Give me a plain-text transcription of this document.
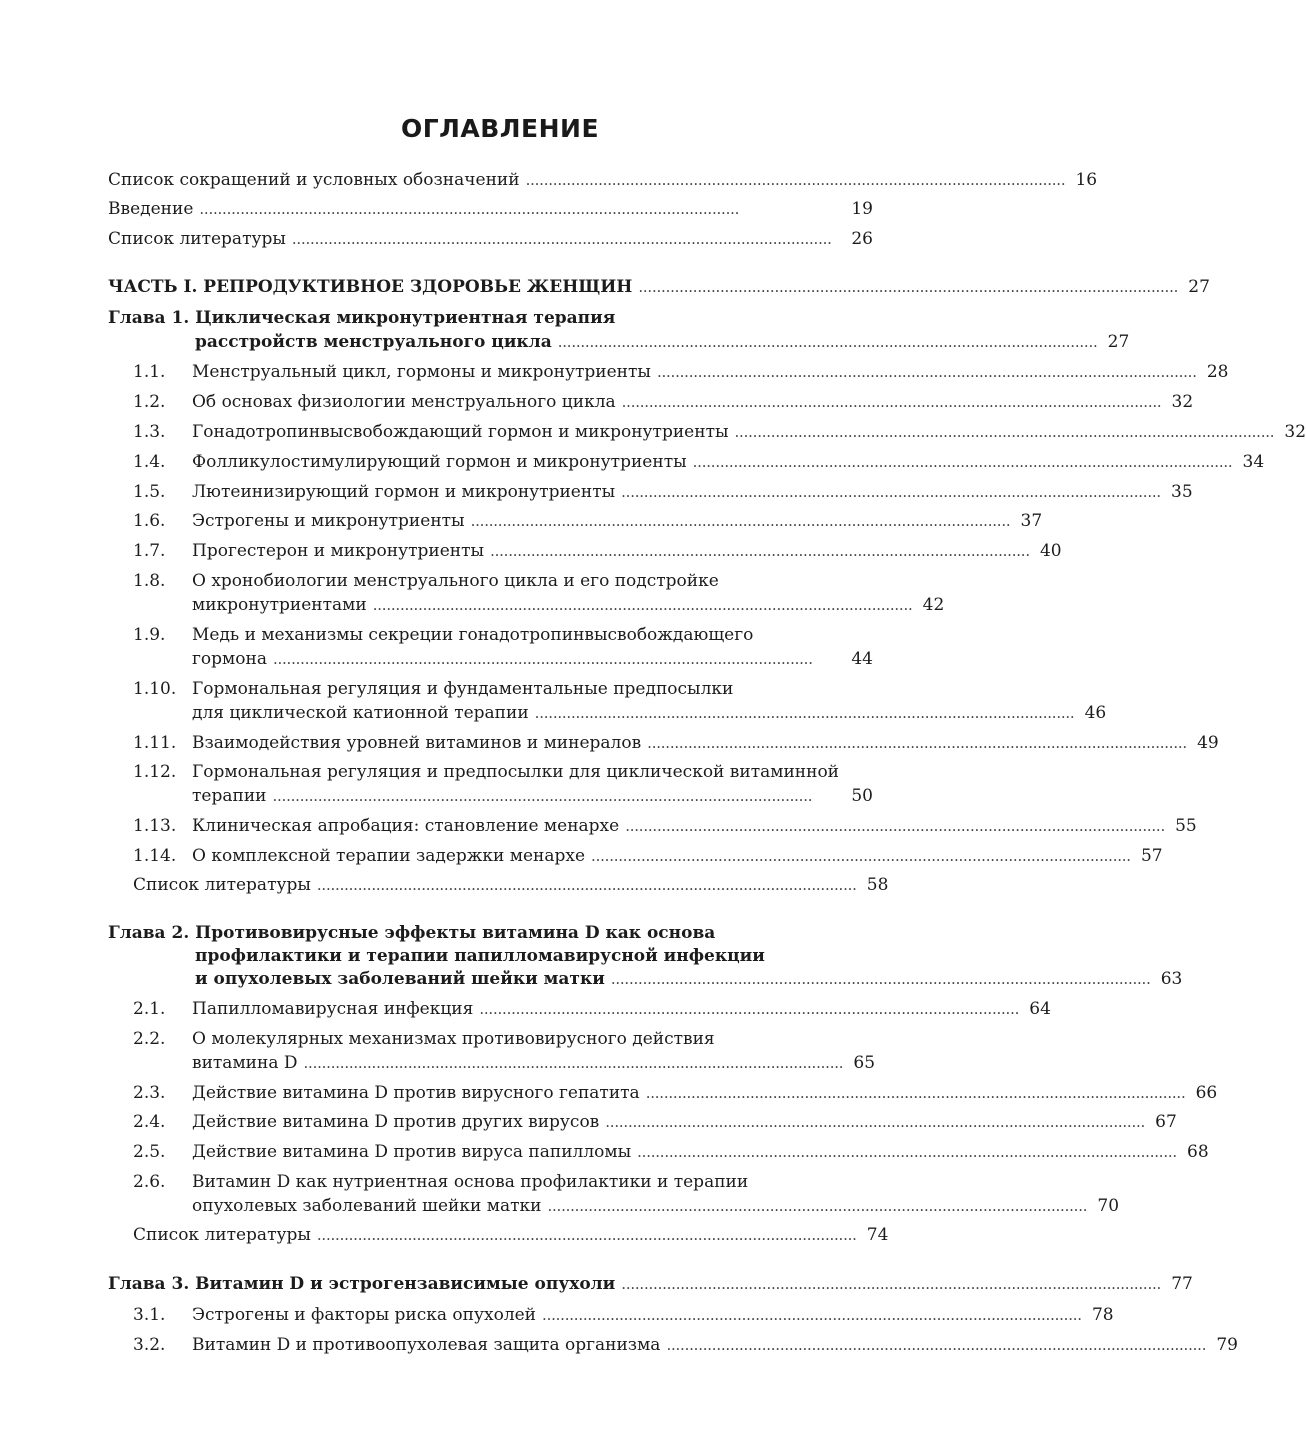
ОГЛАВЛЕНИЕ
Список сокращений и условных обозначений . . .	16
Введение . . .	19
Список литературы . . .	26
ЧАСТЬ I. РЕПРОДУКТИВНОЕ ЗДОРОВЬЕ ЖЕНЩИН . . .	27
Глава 1. Циклическая микронутриентная терапия
расстройств менструального цикла . . .	27
1.1. Менструальный цикл, гормоны и микронутриенты . . .	28
1.2. Об основах физиологии менструального цикла . . .	32
1.3. Гонадотропинвысвобождающий гормон и микронутриенты . . .	32
1.4. Фолликулостимулирующий гормон и микронутриенты . . .	34
1.5. Лютеинизирующий гормон и микронутриенты . . .	35
1.6. Эстрогены и микронутриенты . . .	37
1.7. Прогестерон и микронутриенты . . .	40
1.8. О хронобиологии менструального цикла и его подстройке
микронутриентами . . .	42
1.9. Медь и механизмы секреции гонадотропинвысвобождающего
гормона . . .	44
1.10. Гормональная регуляция и фундаментальные предпосылки
для циклической катионной терапии . . .	46
1.11. Взаимодействия уровней витаминов и минералов . . .	49
1.12. Гормональная регуляция и предпосылки для циклической витаминной
терапии . . .	50
1.13. Клиническая апробация: становление менархе . . .	55
1.14. О комплексной терапии задержки менархе . . .	57
Список литературы . . .	58
Глава 2. Противовирусные эффекты витамина D как основа
профилактики и терапии папилломавирусной инфекции
и опухолевых заболеваний шейки матки . . .	63
2.1. Папилломавирусная инфекция . . .	64
2.2. О молекулярных механизмах противовирусного действия
витамина D . . .	65
2.3. Действие витамина D против вирусного гепатита . . .	66
2.4. Действие витамина D против других вирусов . . .	67
2.5. Действие витамина D против вируса папилломы . . .	68
2.6. Витамин D как нутриентная основа профилактики и терапии
опухолевых заболеваний шейки матки . . .	70
Список литературы . . .	74
Глава 3. Витамин D и эстрогензависимые опухоли . . .	77
3.1. Эстрогены и факторы риска опухолей . . .	78
3.2. Витамин D и противоопухолевая защита организма . . .	79
